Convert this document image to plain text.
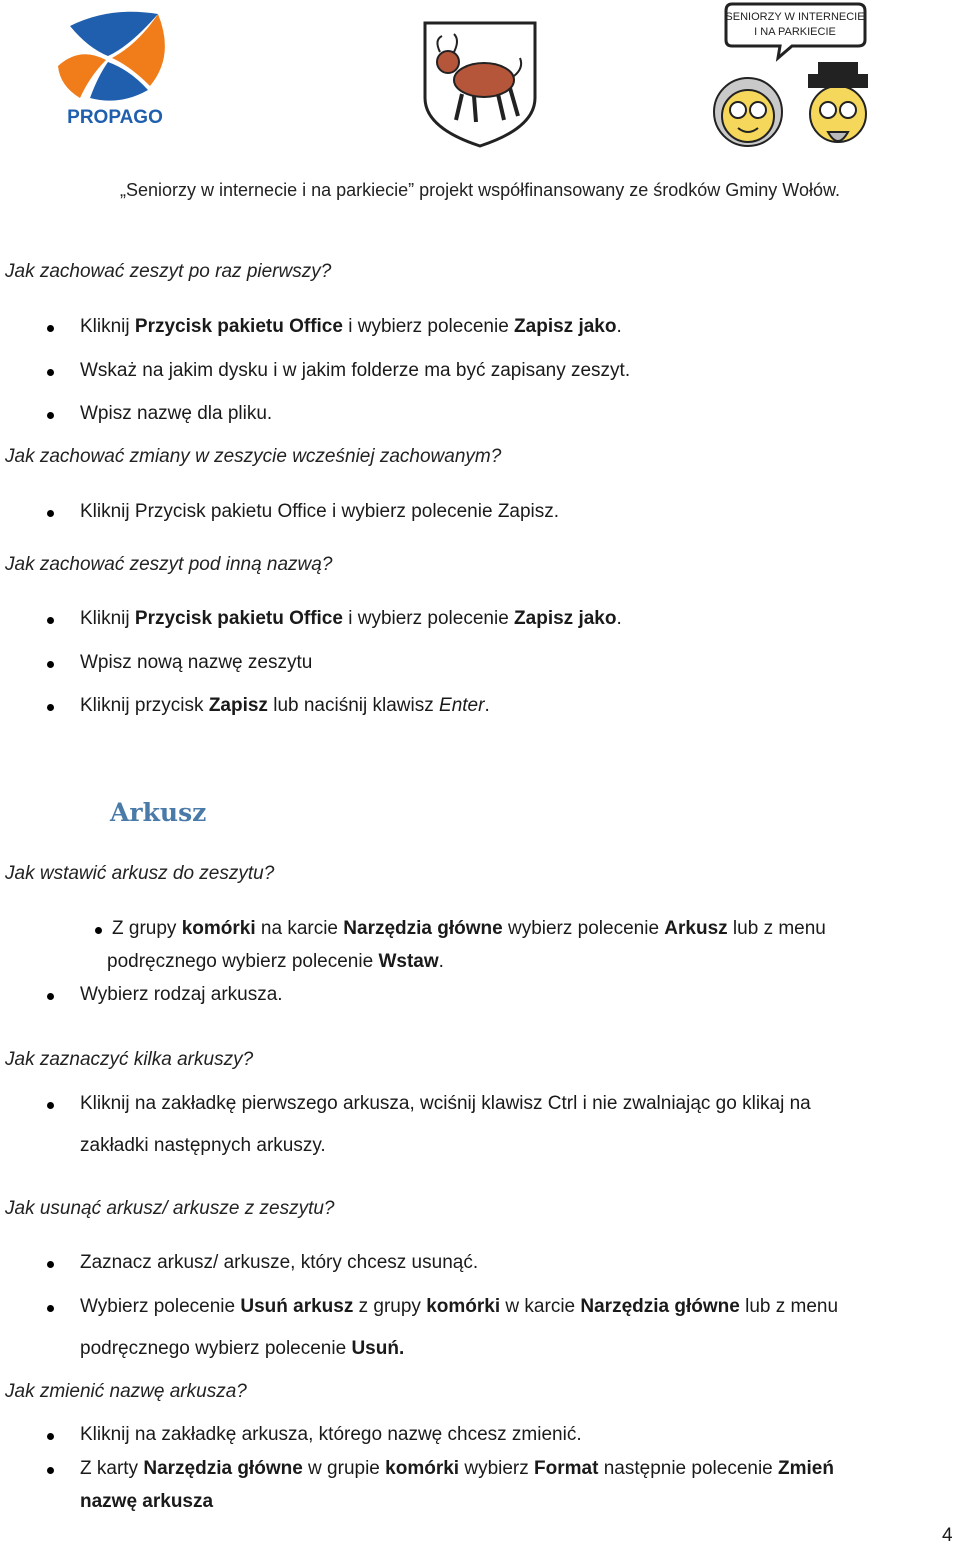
PROPAGO
SENIORZY W INTERNECIE
I NA PARKIECIE
„Seniorzy w internecie i na parkiecie” projekt współfinansowany ze środków Gminy Wołów.
Jak zachować zeszyt po raz pierwszy?
Kliknij Przycisk pakietu Office i wybierz polecenie Zapisz jako.
Wskaż na jakim dysku i w jakim folderze ma być zapisany zeszyt.
Wpisz nazwę dla pliku.
Jak zachować zmiany w zeszycie wcześniej zachowanym?
Kliknij Przycisk pakietu Office i wybierz polecenie Zapisz.
Jak zachować zeszyt pod inną nazwą?
Kliknij Przycisk pakietu Office i wybierz polecenie Zapisz jako.
Wpisz nową nazwę zeszytu
Kliknij przycisk Zapisz lub naciśnij klawisz Enter.
Arkusz
Jak wstawić arkusz do zeszytu?
Z grupy komórki na karcie Narzędzia główne wybierz polecenie Arkusz lub z menu
podręcznego wybierz polecenie Wstaw.
Wybierz rodzaj arkusza.
Jak zaznaczyć kilka arkuszy?
Kliknij na zakładkę pierwszego arkusza, wciśnij klawisz Ctrl i nie zwalniając go klikaj na
zakładki następnych arkuszy.
Jak usunąć arkusz/ arkusze z zeszytu?
Zaznacz arkusz/ arkusze, który chcesz usunąć.
Wybierz polecenie Usuń arkusz z grupy komórki w karcie Narzędzia główne lub z menu
podręcznego wybierz polecenie Usuń.
Jak zmienić nazwę arkusza?
Kliknij na zakładkę arkusza, którego nazwę chcesz zmienić.
Z karty Narzędzia główne w grupie komórki wybierz Format następnie polecenie Zmień
nazwę arkusza
4
